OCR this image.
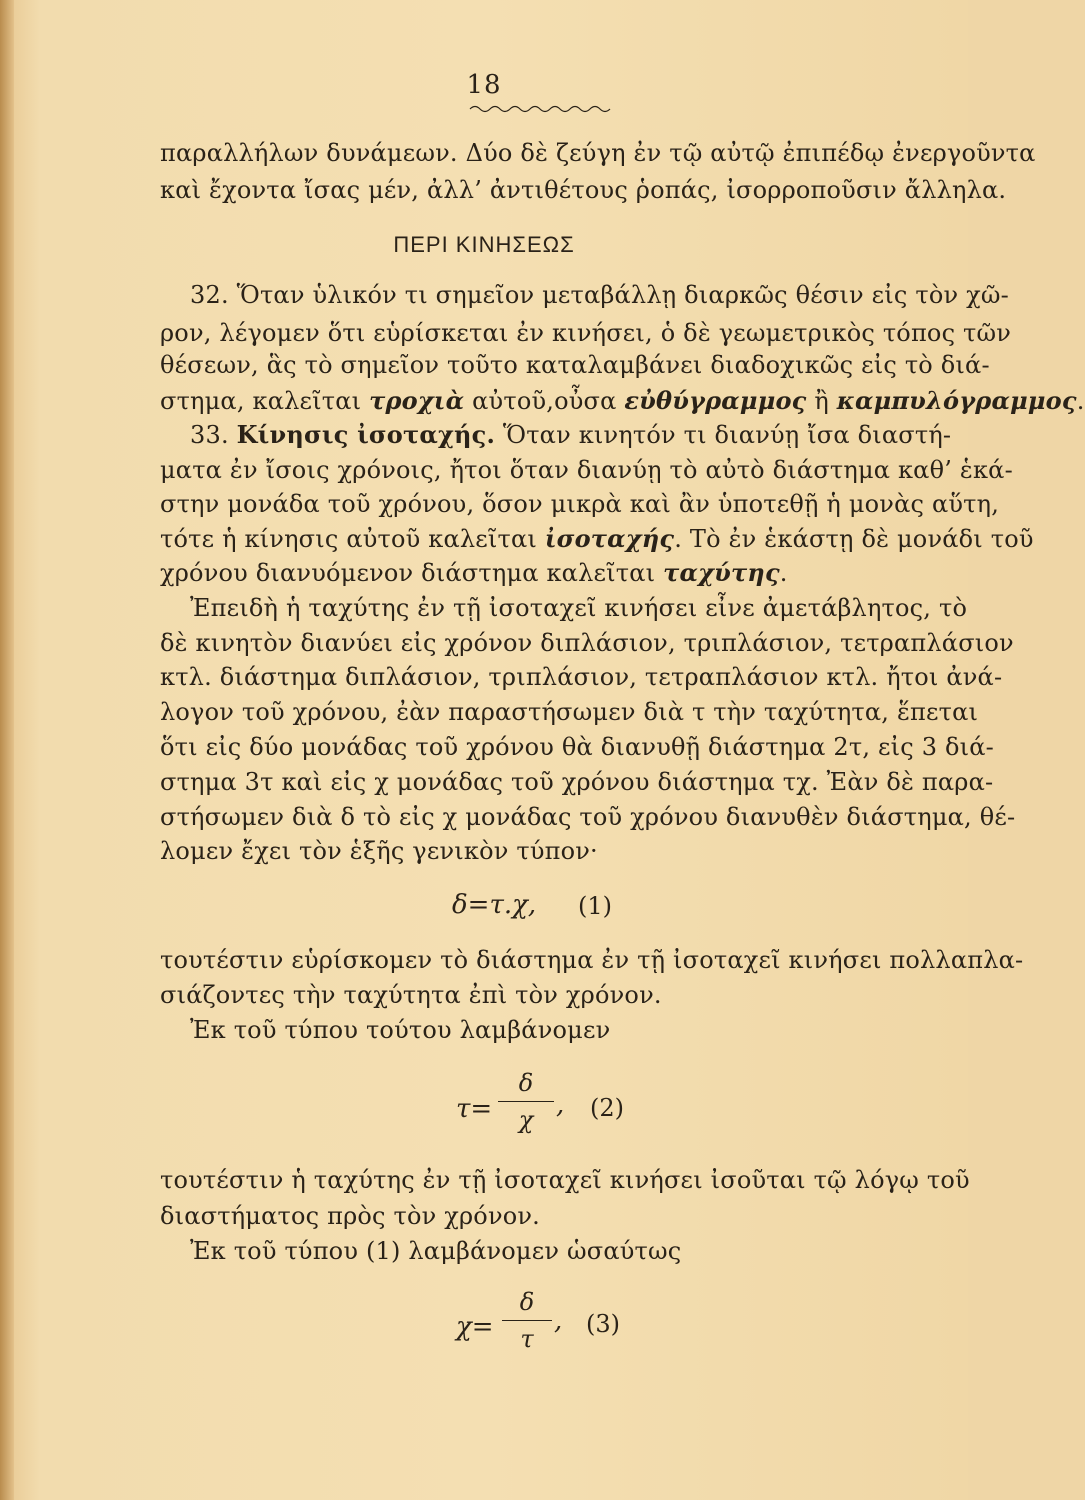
18
παραλλήλων δυνάμεων. Δύο δὲ ζεύγη ἐν τῷ αὐτῷ ἐπιπέδῳ ἐνεργοῦντα
καὶ ἔχοντα ἴσας μέν, ἀλλ’ ἀντιθέτους ῥοπάς, ἰσορροποῦσιν ἄλληλα.
ΠΕΡΙ ΚΙΝΗΣΕΩΣ
32. Ὅταν ὑλικόν τι σημεῖον μεταβάλλῃ διαρκῶς θέσιν εἰς τὸν χῶ-
ρον, λέγομεν ὅτι εὑρίσκεται ἐν κινήσει, ὁ δὲ γεωμετρικὸς τόπος τῶν
θέσεων, ἃς τὸ σημεῖον τοῦτο καταλαμβάνει διαδοχικῶς εἰς τὸ διά-
στημα, καλεῖται τροχιὰ αὐτοῦ,οὖσα εὐθύγραμμος ἢ καμπυλόγραμμος.
33. Κίνησις ἰσοταχής. Ὅταν κινητόν τι διανύῃ ἴσα διαστή-
ματα ἐν ἴσοις χρόνοις, ἤτοι ὅταν διανύῃ τὸ αὐτὸ διάστημα καθ’ ἑκά-
στην μονάδα τοῦ χρόνου, ὅσον μικρὰ καὶ ἂν ὑποτεθῇ ἡ μονὰς αὕτη,
τότε ἡ κίνησις αὐτοῦ καλεῖται ἰσοταχής. Τὸ ἐν ἑκάστῃ δὲ μονάδι τοῦ
χρόνου διανυόμενον διάστημα καλεῖται ταχύτης.
Ἐπειδὴ ἡ ταχύτης ἐν τῇ ἰσοταχεῖ κινήσει εἶνε ἀμετάβλητος, τὸ
δὲ κινητὸν διανύει εἰς χρόνον διπλάσιον, τριπλάσιον, τετραπλάσιον
κτλ. διάστημα διπλάσιον, τριπλάσιον, τετραπλάσιον κτλ. ἤτοι ἀνά-
λογον τοῦ χρόνου, ἐὰν παραστήσωμεν διὰ τ τὴν ταχύτητα, ἕπεται
ὅτι εἰς δύο μονάδας τοῦ χρόνου θὰ διανυθῇ διάστημα 2τ, εἰς 3 διά-
στημα 3τ καὶ εἰς χ μονάδας τοῦ χρόνου διάστημα τχ. Ἐὰν δὲ παρα-
στήσωμεν διὰ δ τὸ εἰς χ μονάδας τοῦ χρόνου διανυθὲν διάστημα, θέ-
λομεν ἔχει τὸν ἑξῆς γενικὸν τύπον·
δ=τ.χ, (1)
τουτέστιν εὑρίσκομεν τὸ διάστημα ἐν τῇ ἰσοταχεῖ κινήσει πολλαπλα-
σιάζοντες τὴν ταχύτητα ἐπὶ τὸν χρόνον.
Ἐκ τοῦ τύπου τούτου λαμβάνομεν
τ=
δ
χ , (2)
τουτέστιν ἡ ταχύτης ἐν τῇ ἰσοταχεῖ κινήσει ἰσοῦται τῷ λόγῳ τοῦ
διαστήματος πρὸς τὸν χρόνον.
Ἐκ τοῦ τύπου (1) λαμβάνομεν ὡσαύτως
χ=
δ
τ
, (3)
